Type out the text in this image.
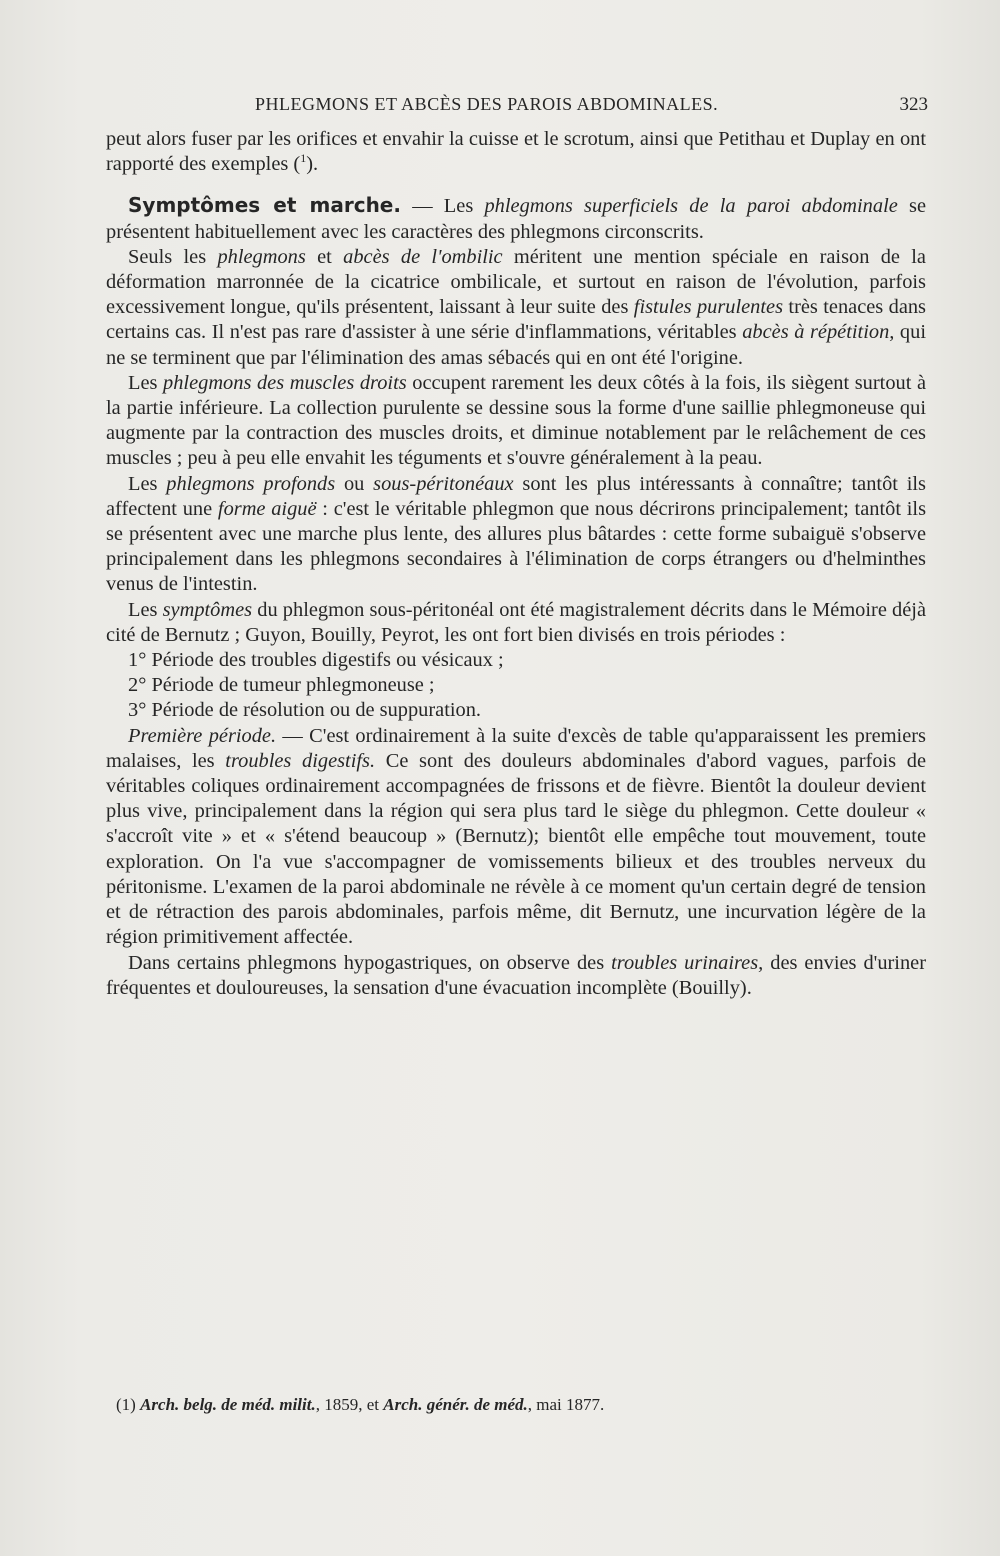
PHLEGMONS ET ABCÈS DES PAROIS ABDOMINALES.	323

peut alors fuser par les orifices et envahir la cuisse et le scrotum, ainsi que Petithau et Duplay en ont rapporté des exemples ($^1$).

Symptômes et marche. — Les phlegmons superficiels de la paroi abdominale se présentent habituellement avec les caractères des phlegmons circonscrits.

Seuls les phlegmons et abcès de l'ombilic méritent une mention spéciale en raison de la déformation marronnée de la cicatrice ombilicale, et surtout en raison de l'évolution, parfois excessivement longue, qu'ils présentent, laissant à leur suite des fistules purulentes très tenaces dans certains cas. Il n'est pas rare d'assister à une série d'inflammations, véritables abcès à répétition, qui ne se terminent que par l'élimination des amas sébacés qui en ont été l'origine.

Les phlegmons des muscles droits occupent rarement les deux côtés à la fois, ils siègent surtout à la partie inférieure. La collection purulente se dessine sous la forme d'une saillie phlegmoneuse qui augmente par la contraction des muscles droits, et diminue notablement par le relâchement de ces muscles ; peu à peu elle envahit les téguments et s'ouvre généralement à la peau.

Les phlegmons profonds ou sous-péritonéaux sont les plus intéressants à connaître; tantôt ils affectent une forme aiguë : c'est le véritable phlegmon que nous décrirons principalement; tantôt ils se présentent avec une marche plus lente, des allures plus bâtardes : cette forme subaiguë s'observe principalement dans les phlegmons secondaires à l'élimination de corps étrangers ou d'helminthes venus de l'intestin.

Les symptômes du phlegmon sous-péritonéal ont été magistralement décrits dans le Mémoire déjà cité de Bernutz ; Guyon, Bouilly, Peyrot, les ont fort bien divisés en trois périodes :

1° Période des troubles digestifs ou vésicaux ;

2° Période de tumeur phlegmoneuse ;

3° Période de résolution ou de suppuration.

Première période. — C'est ordinairement à la suite d'excès de table qu'apparaissent les premiers malaises, les troubles digestifs. Ce sont des douleurs abdominales d'abord vagues, parfois de véritables coliques ordinairement accompagnées de frissons et de fièvre. Bientôt la douleur devient plus vive, principalement dans la région qui sera plus tard le siège du phlegmon. Cette douleur « s'accroît vite » et « s'étend beaucoup » (Bernutz); bientôt elle empêche tout mouvement, toute exploration. On l'a vue s'accompagner de vomissements bilieux et des troubles nerveux du péritonisme. L'examen de la paroi abdominale ne révèle à ce moment qu'un certain degré de tension et de rétraction des parois abdominales, parfois même, dit Bernutz, une incurvation légère de la région primitivement affectée.

Dans certains phlegmons hypogastriques, on observe des troubles urinaires, des envies d'uriner fréquentes et douloureuses, la sensation d'une évacuation incomplète (Bouilly).

(1) Arch. belg. de méd. milit., 1859, et Arch. génér. de méd., mai 1877.
